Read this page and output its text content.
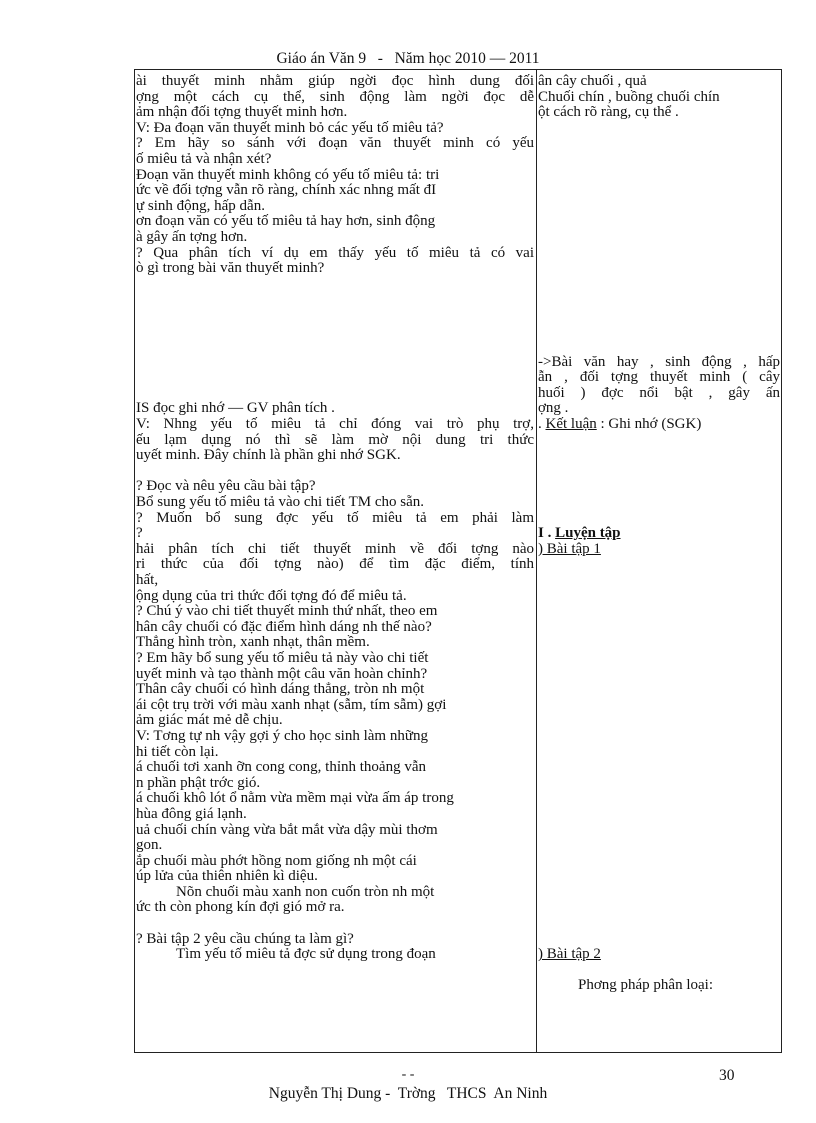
Giáo án Văn 9   -   Năm học 2010 — 2011
ài thuyết minh nhằm giúp ngời đọc hình dung đối
ợng một cách cụ thể, sinh động làm ngời đọc dễ
ảm nhận đối tợng thuyết minh hơn.
V: Đa đoạn văn thuyết minh bỏ các yếu tố miêu tả?
? Em hãy so sánh với đoạn văn thuyết minh có yếu
ố miêu tả và nhận xét?
Đoạn văn thuyết minh không có yếu tố miêu tả: tri
ức về đối tợng vẫn rõ ràng, chính xác nhng mất đI
ự sinh động, hấp dẫn.
ơn đoạn văn có yếu tố miêu tả hay hơn, sinh động
à gây ấn tợng hơn.
? Qua phân tích ví dụ em thấy yếu tố miêu tả có vai
ò gì trong bài văn thuyết minh?
IS đọc ghi nhớ — GV phân tích .
V: Nhng yếu tố miêu tả chỉ đóng vai trò phụ trợ,
ếu lạm dụng nó thì sẽ làm mờ nội dung tri thức
uyết minh. Đây chính là phần ghi nhớ SGK.
? Đọc và nêu yêu cầu bài tập?
Bổ sung yếu tố miêu tả vào chi tiết TM cho sẵn.
? Muốn bổ sung đợc yếu tố miêu tả em phải làm
?
hải phân tích chi tiết thuyết minh về đối tợng nào
ri thức của đối tợng nào) để tìm đặc điểm, tính
hất,
ộng dụng của tri thức đối tợng đó để miêu tả.
? Chú ý vào chi tiết thuyết minh thứ nhất, theo em
hân cây chuối có đặc điểm hình dáng nh thế nào?
Thẳng hình tròn, xanh nhạt, thân mềm.
? Em hãy bổ sung yếu tố miêu tả này vào chi tiết
uyết minh và tạo thành một câu văn hoàn chỉnh?
Thân cây chuối có hình dáng thẳng, tròn nh một
ái cột trụ trời với màu xanh nhạt (sẫm, tím sẫm) gợi
ảm giác mát mẻ dễ chịu.
V: Tơng tự nh vậy gợi ý cho học sinh làm những
hi tiết còn lại.
á chuối tơi xanh ỡn cong cong, thỉnh thoảng vẫn
n phần phật trớc gió.
á chuối khô lót ổ nằm vừa mềm mại vừa ấm áp trong
hùa đông giá lạnh.
uả chuối chín vàng vừa bắt mắt vừa dậy mùi thơm
gon.
ắp chuối màu phớt hồng nom giống nh một cái
úp lửa của thiên nhiên kì diệu.
Nõn chuối màu xanh non cuốn tròn nh một
ức th còn phong kín đợi gió mở ra.
? Bài tập 2 yêu cầu chúng ta làm gì?
Tìm yếu tố miêu tả đợc sử dụng trong đoạn
ân cây chuối , quả
Chuối chín , buồng chuối chín
ột cách rõ ràng, cụ thể .
->Bài văn hay , sinh động , hấp
ẫn , đối tợng thuyết minh ( cây
huối ) đợc nổi bật , gây ấn
ợng .
. Kết luận : Ghi nhớ (SGK)
I . Luyện tập
) Bài tập 1
) Bài tập 2
Phơng pháp phân loại:
- -	30
Nguyễn Thị Dung -  Trờng   THCS  An Ninh
